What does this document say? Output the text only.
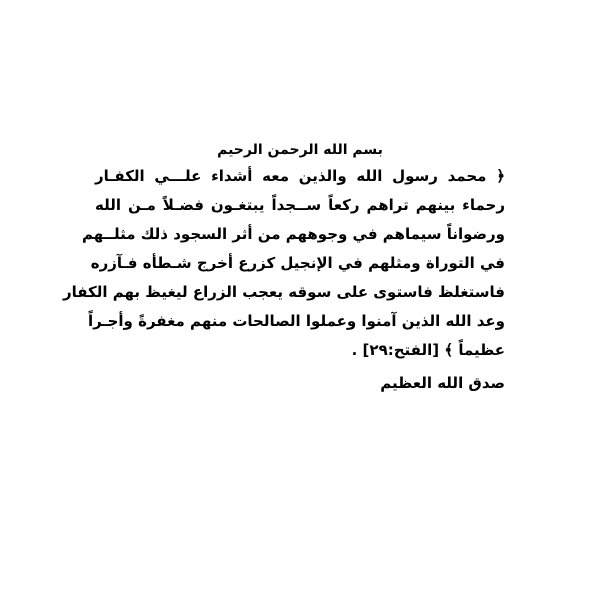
بسم الله الرحمن الرحيم
﴿ محمد رسول الله والذين معه أشداء علـــي الكفـار
رحماء بينهم تراهم ركعاً ســجداً يبتغـون فضـلاً مـن الله
ورضواناً سيماهم في وجوههم من أثر السجود ذلك مثلــهم
في التوراة ومثلهم في الإنجيل كزرع أخرج شـطأه فـآزره
فاستغلظ فاستوى على سوقه يعجب الزراع ليغيظ بهم الكفار
وعد الله الذين آمنوا وعملوا الصالحات منهم مغفرةً وأجـراً
عظيماً ﴾ [الفتح:٢٩] .
صدق الله العظيم
